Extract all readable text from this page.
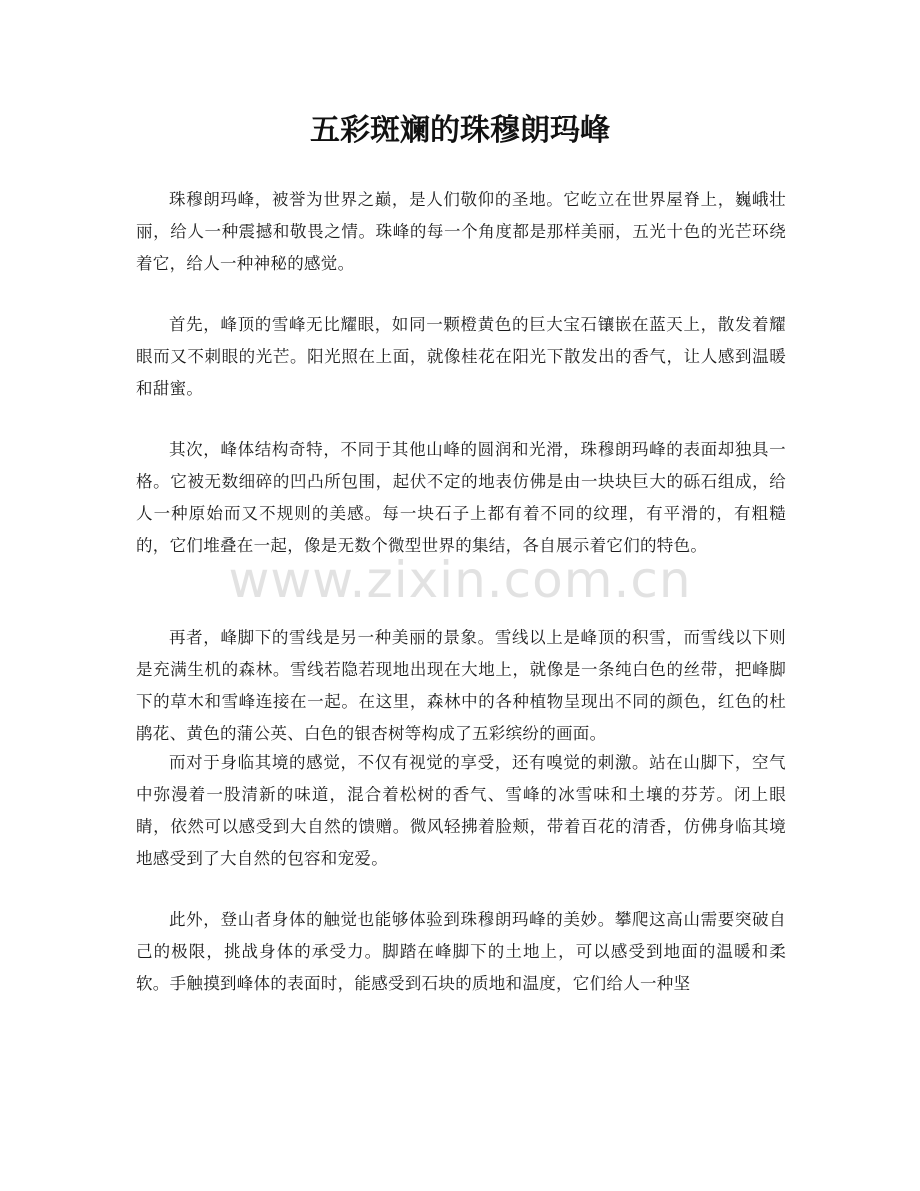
五彩斑斓的珠穆朗玛峰

珠穆朗玛峰，被誉为世界之巅，是人们敬仰的圣地。它屹立在世界屋脊上，巍峨壮丽，给人一种震撼和敬畏之情。珠峰的每一个角度都是那样美丽，五光十色的光芒环绕着它，给人一种神秘的感觉。

首先，峰顶的雪峰无比耀眼，如同一颗橙黄色的巨大宝石镶嵌在蓝天上，散发着耀眼而又不刺眼的光芒。阳光照在上面，就像桂花在阳光下散发出的香气，让人感到温暖和甜蜜。

其次，峰体结构奇特，不同于其他山峰的圆润和光滑，珠穆朗玛峰的表面却独具一格。它被无数细碎的凹凸所包围，起伏不定的地表仿佛是由一块块巨大的砾石组成，给人一种原始而又不规则的美感。每一块石子上都有着不同的纹理，有平滑的，有粗糙的，它们堆叠在一起，像是无数个微型世界的集结，各自展示着它们的特色。

再者，峰脚下的雪线是另一种美丽的景象。雪线以上是峰顶的积雪，而雪线以下则是充满生机的森林。雪线若隐若现地出现在大地上，就像是一条纯白色的丝带，把峰脚下的草木和雪峰连接在一起。在这里，森林中的各种植物呈现出不同的颜色，红色的杜鹃花、黄色的蒲公英、白色的银杏树等构成了五彩缤纷的画面。

而对于身临其境的感觉，不仅有视觉的享受，还有嗅觉的刺激。站在山脚下，空气中弥漫着一股清新的味道，混合着松树的香气、雪峰的冰雪味和土壤的芬芳。闭上眼睛，依然可以感受到大自然的馈赠。微风轻拂着脸颊，带着百花的清香，仿佛身临其境地感受到了大自然的包容和宠爱。

此外，登山者身体的触觉也能够体验到珠穆朗玛峰的美妙。攀爬这高山需要突破自己的极限，挑战身体的承受力。脚踏在峰脚下的土地上，可以感受到地面的温暖和柔软。手触摸到峰体的表面时，能感受到石块的质地和温度，它们给人一种坚

www.zixin.com.cn
